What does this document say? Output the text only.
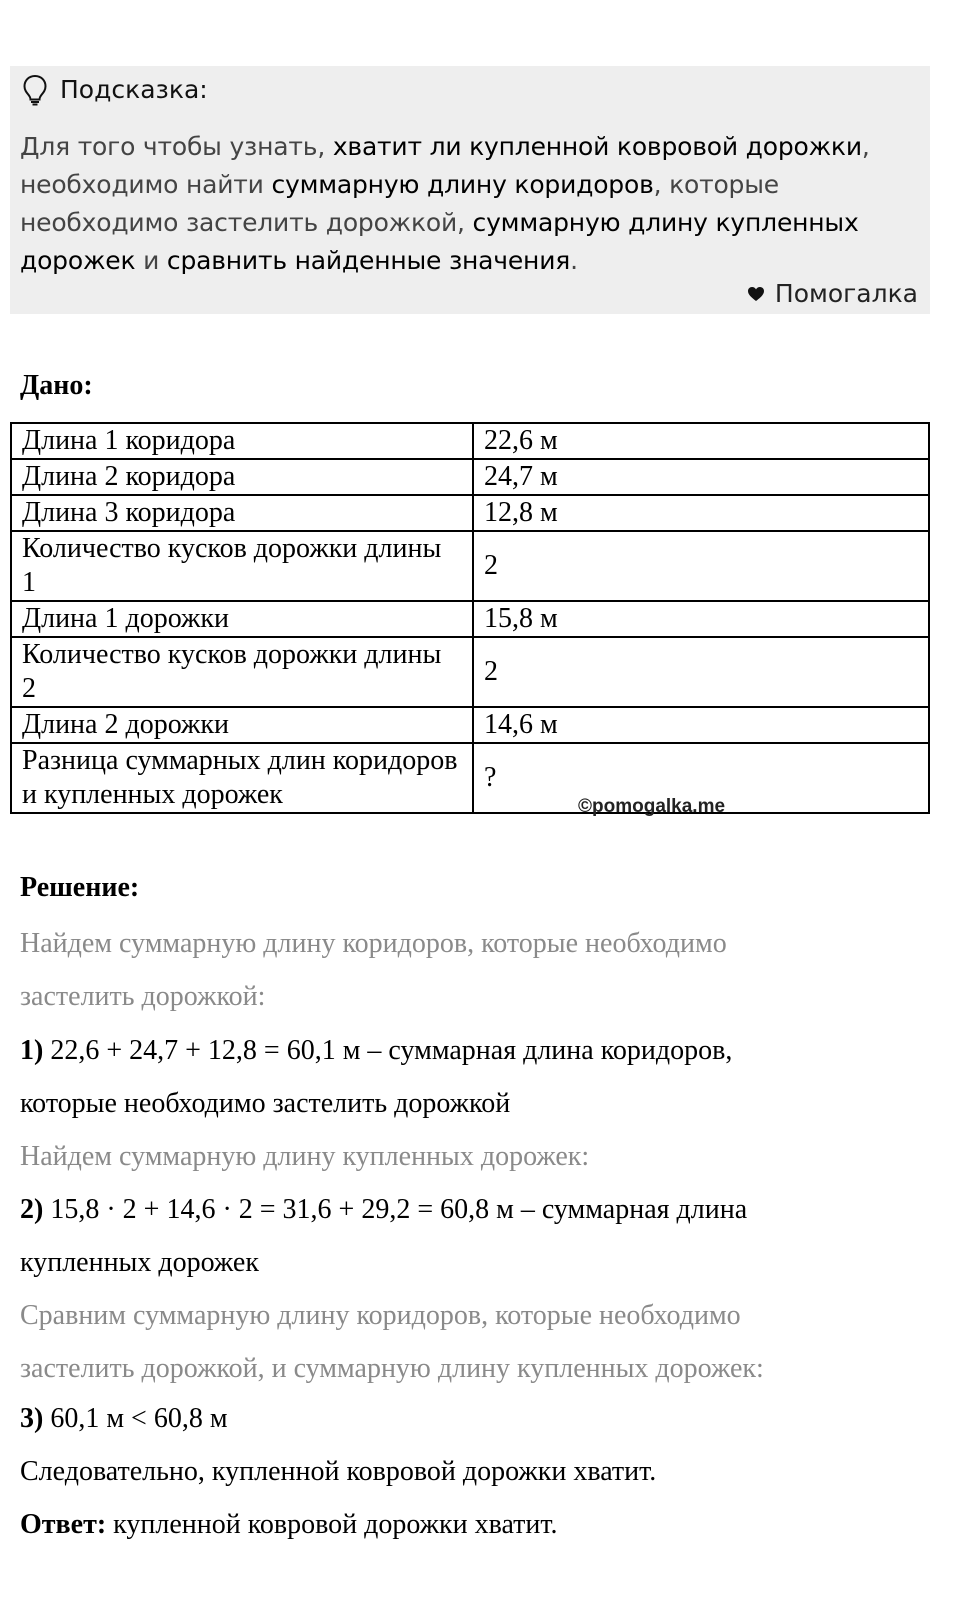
Подсказка:
Для того чтобы узнать, хватит ли купленной ковровой дорожки, необходимо найти суммарную длину коридоров, которые необходимо застелить дорожкой, суммарную длину купленных дорожек и сравнить найденные значения.
Помогалка
Дано:
Длина 1 коридора	22,6 м
Длина 2 коридора	24,7 м
Длина 3 коридора	12,8 м
Количество кусков дорожки длины 1	2
Длина 1 дорожки	15,8 м
Количество кусков дорожки длины 2	2
Длина 2 дорожки	14,6 м
Разница суммарных длин коридоров и купленных дорожек	?
©pomogalka.me
Решение:
Найдем суммарную длину коридоров, которые необходимо
застелить дорожкой:
1) 22,6 + 24,7 + 12,8 = 60,1 м – суммарная длина коридоров,
которые необходимо застелить дорожкой
Найдем суммарную длину купленных дорожек:
2) 15,8 · 2 + 14,6 · 2 = 31,6 + 29,2 = 60,8 м – суммарная длина
купленных дорожек
Сравним суммарную длину коридоров, которые необходимо
застелить дорожкой, и суммарную длину купленных дорожек:
3) 60,1 м < 60,8 м
Следовательно, купленной ковровой дорожки хватит.
Ответ: купленной ковровой дорожки хватит.
